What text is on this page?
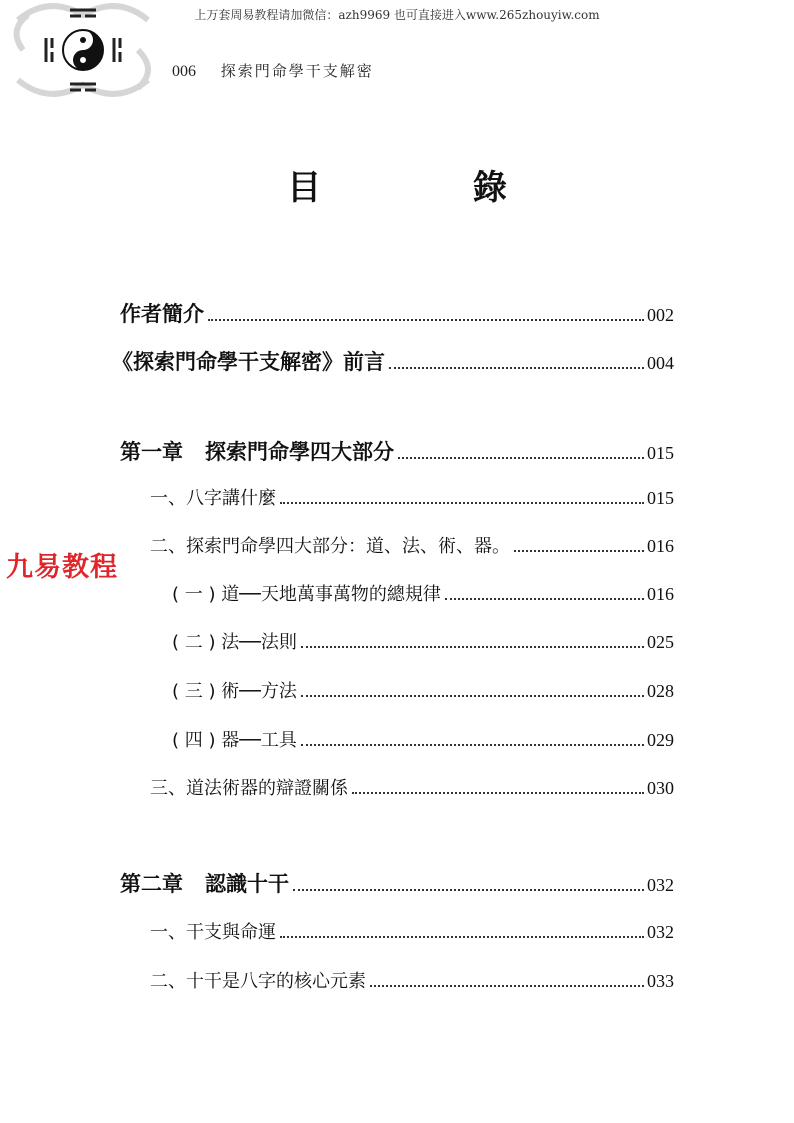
上万套周易教程请加微信：azh9969 也可直接进入www.265zhouyiw.com
006 探索門命學干支解密
目 錄
九易教程
作者簡介	002
《探索門命學干支解密》前言	004
第一章 探索門命學四大部分	015
一、八字講什麼	015
二、探索門命學四大部分：道、法、術、器。	016
( 一 ) 道──天地萬事萬物的總規律	016
( 二 ) 法──法則	025
( 三 ) 術──方法	028
( 四 ) 器──工具	029
三、道法術器的辯證關係	030
第二章 認識十干	032
一、干支與命運	032
二、十干是八字的核心元素	033
